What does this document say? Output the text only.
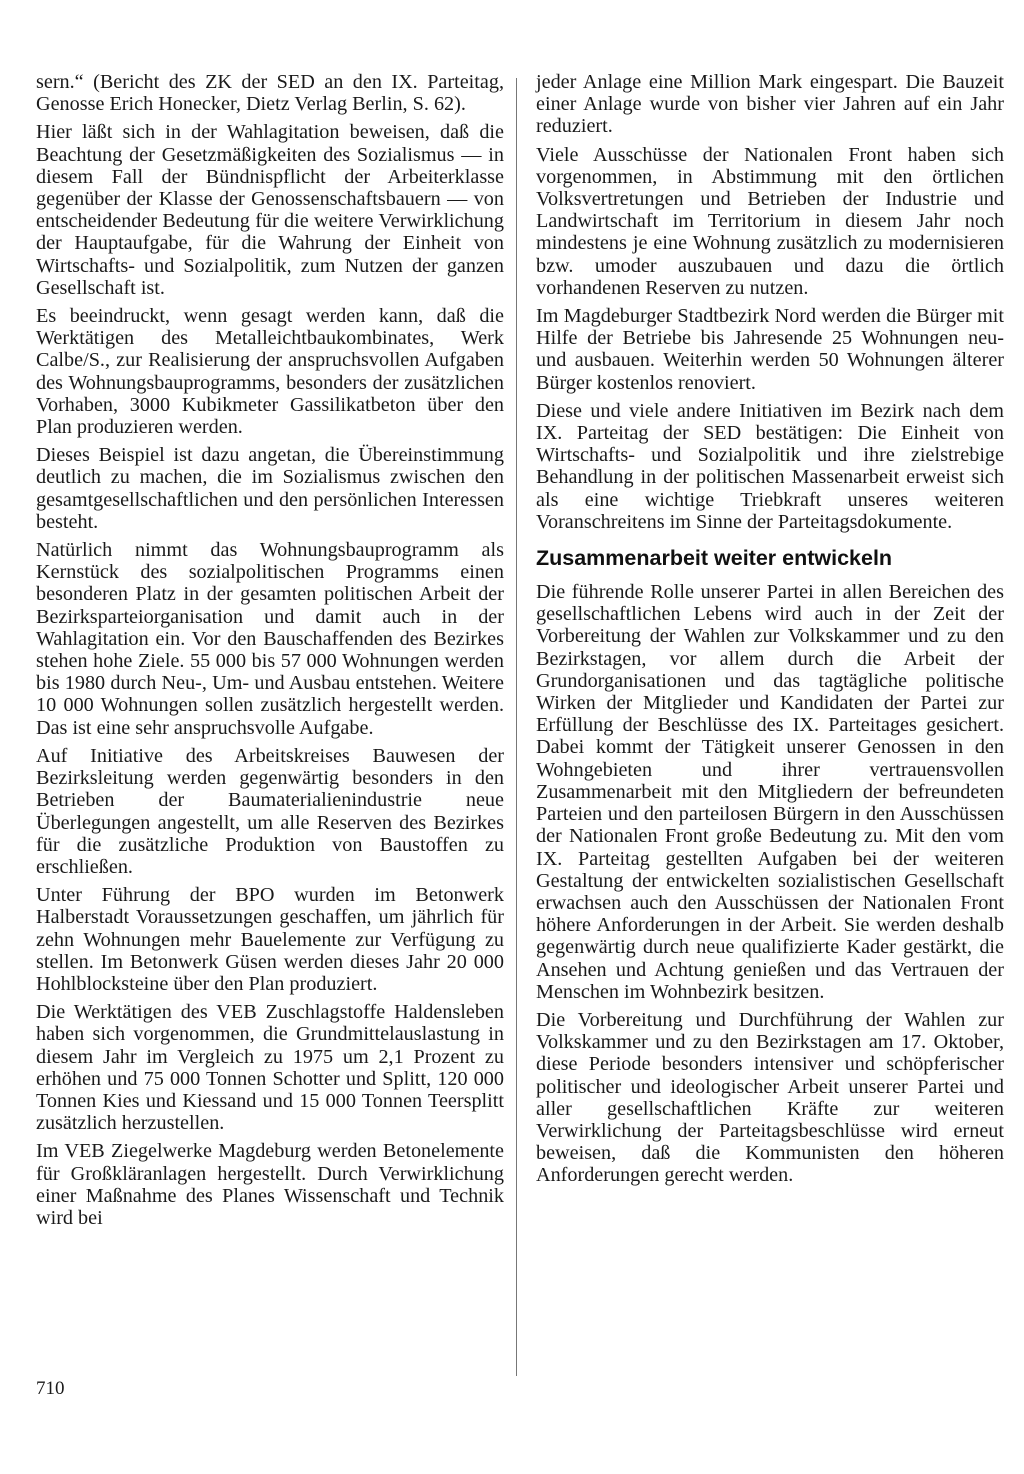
sern.“ (Bericht des ZK der SED an den IX. Parteitag, Genosse Erich Honecker, Dietz Verlag Berlin, S. 62).

Hier läßt sich in der Wahlagitation beweisen, daß die Beachtung der Gesetzmäßigkeiten des Sozialismus — in diesem Fall der Bündnispflicht der Arbeiterklasse gegenüber der Klasse der Genossenschaftsbauern — von entscheidender Bedeutung für die weitere Verwirklichung der Hauptaufgabe, für die Wahrung der Einheit von Wirtschafts- und Sozialpolitik, zum Nutzen der ganzen Gesellschaft ist.

Es beeindruckt, wenn gesagt werden kann, daß die Werktätigen des Metalleichtbaukombinates, Werk Calbe/S., zur Realisierung der anspruchsvollen Aufgaben des Wohnungsbauprogramms, besonders der zusätzlichen Vorhaben, 3000 Kubikmeter Gassilikatbeton über den Plan produzieren werden.

Dieses Beispiel ist dazu angetan, die Übereinstimmung deutlich zu machen, die im Sozialismus zwischen den gesamtgesellschaftlichen und den persönlichen Interessen besteht.

Natürlich nimmt das Wohnungsbauprogramm als Kernstück des sozialpolitischen Programms einen besonderen Platz in der gesamten politischen Arbeit der Bezirksparteiorganisation und damit auch in der Wahlagitation ein. Vor den Bauschaffenden des Bezirkes stehen hohe Ziele. 55 000 bis 57 000 Wohnungen werden bis 1980 durch Neu-, Um- und Ausbau entstehen. Weitere 10 000 Wohnungen sollen zusätzlich hergestellt werden. Das ist eine sehr anspruchsvolle Aufgabe.

Auf Initiative des Arbeitskreises Bauwesen der Bezirksleitung werden gegenwärtig besonders in den Betrieben der Baumaterialienindustrie neue Überlegungen angestellt, um alle Reserven des Bezirkes für die zusätzliche Produktion von Baustoffen zu erschließen.

Unter Führung der BPO wurden im Betonwerk Halberstadt Voraussetzungen geschaffen, um jährlich für zehn Wohnungen mehr Bauelemente zur Verfügung zu stellen. Im Betonwerk Güsen werden dieses Jahr 20 000 Hohlblocksteine über den Plan produziert.

Die Werktätigen des VEB Zuschlagstoffe Haldensleben haben sich vorgenommen, die Grundmittelauslastung in diesem Jahr im Vergleich zu 1975 um 2,1 Prozent zu erhöhen und 75 000 Tonnen Schotter und Splitt, 120 000 Tonnen Kies und Kiessand und 15 000 Tonnen Teersplitt zusätzlich herzustellen.

Im VEB Ziegelwerke Magdeburg werden Betonelemente für Großkläranlagen hergestellt. Durch Verwirklichung einer Maßnahme des Planes Wissenschaft und Technik wird bei

jeder Anlage eine Million Mark eingespart. Die Bauzeit einer Anlage wurde von bisher vier Jahren auf ein Jahr reduziert.

Viele Ausschüsse der Nationalen Front haben sich vorgenommen, in Abstimmung mit den örtlichen Volksvertretungen und Betrieben der Industrie und Landwirtschaft im Territorium in diesem Jahr noch mindestens je eine Wohnung zusätzlich zu modernisieren bzw. umoder auszubauen und dazu die örtlich vorhandenen Reserven zu nutzen.

Im Magdeburger Stadtbezirk Nord werden die Bürger mit Hilfe der Betriebe bis Jahresende 25 Wohnungen neu- und ausbauen. Weiterhin werden 50 Wohnungen älterer Bürger kostenlos renoviert.

Diese und viele andere Initiativen im Bezirk nach dem IX. Parteitag der SED bestätigen: Die Einheit von Wirtschafts- und Sozialpolitik und ihre zielstrebige Behandlung in der politischen Massenarbeit erweist sich als eine wichtige Triebkraft unseres weiteren Voranschreitens im Sinne der Parteitagsdokumente.

Zusammenarbeit weiter entwickeln

Die führende Rolle unserer Partei in allen Bereichen des gesellschaftlichen Lebens wird auch in der Zeit der Vorbereitung der Wahlen zur Volkskammer und zu den Bezirkstagen, vor allem durch die Arbeit der Grundorganisationen und das tagtägliche politische Wirken der Mitglieder und Kandidaten der Partei zur Erfüllung der Beschlüsse des IX. Parteitages gesichert. Dabei kommt der Tätigkeit unserer Genossen in den Wohngebieten und ihrer vertrauensvollen Zusammenarbeit mit den Mitgliedern der befreundeten Parteien und den parteilosen Bürgern in den Ausschüssen der Nationalen Front große Bedeutung zu. Mit den vom IX. Parteitag gestellten Aufgaben bei der weiteren Gestaltung der entwickelten sozialistischen Gesellschaft erwachsen auch den Ausschüssen der Nationalen Front höhere Anforderungen in der Arbeit. Sie werden deshalb gegenwärtig durch neue qualifizierte Kader gestärkt, die Ansehen und Achtung genießen und das Vertrauen der Menschen im Wohnbezirk besitzen.

Die Vorbereitung und Durchführung der Wahlen zur Volkskammer und zu den Bezirkstagen am 17. Oktober, diese Periode besonders intensiver und schöpferischer politischer und ideologischer Arbeit unserer Partei und aller gesellschaftlichen Kräfte zur weiteren Verwirklichung der Parteitagsbeschlüsse wird erneut beweisen, daß die Kommunisten den höheren Anforderungen gerecht werden.

710
